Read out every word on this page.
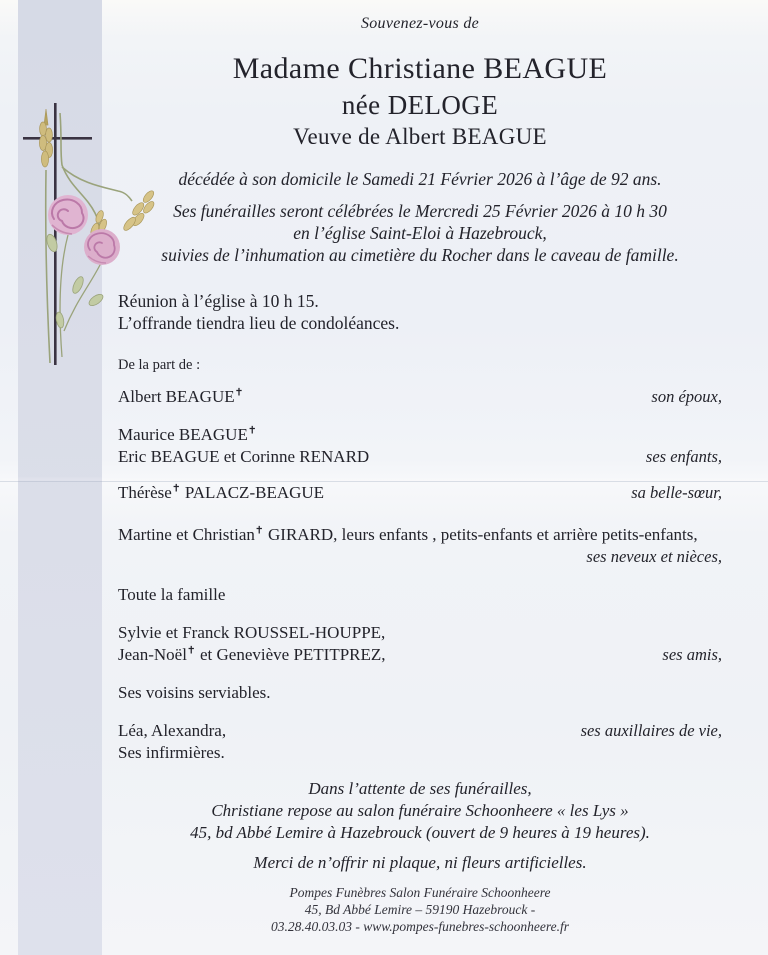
Souvenez-vous de
Madame Christiane BEAGUE
née DELOGE
Veuve de Albert BEAGUE
décédée à son domicile le Samedi 21 Février 2026 à l’âge de 92 ans.
Ses funérailles seront célébrées le Mercredi 25 Février 2026 à 10 h 30
en l’église Saint-Eloi à Hazebrouck,
suivies de l’inhumation au cimetière du Rocher dans le caveau de famille.
Réunion à l’église à 10 h 15.
L’offrande tiendra lieu de condoléances.
De la part de :
Albert BEAGUE✝	son époux,
Maurice BEAGUE✝
Eric BEAGUE et Corinne RENARD	ses enfants,
Thérèse✝ PALACZ-BEAGUE	sa belle-sœur,
Martine et Christian✝ GIRARD, leurs enfants , petits-enfants et arrière petits-enfants,
ses neveux et nièces,
Toute la famille
Sylvie et Franck ROUSSEL-HOUPPE,
Jean-Noël✝ et Geneviève PETITPREZ,	ses amis,
Ses voisins serviables.
Léa, Alexandra,	ses auxillaires de vie,
Ses infirmières.
Dans l’attente de ses funérailles,
Christiane repose au salon funéraire Schoonheere « les Lys »
45, bd Abbé Lemire à Hazebrouck (ouvert de 9 heures à 19 heures).
Merci de n’offrir ni plaque, ni fleurs artificielles.
Pompes Funèbres Salon Funéraire Schoonheere
45, Bd Abbé Lemire – 59190 Hazebrouck -
03.28.40.03.03 - www.pompes-funebres-schoonheere.fr
